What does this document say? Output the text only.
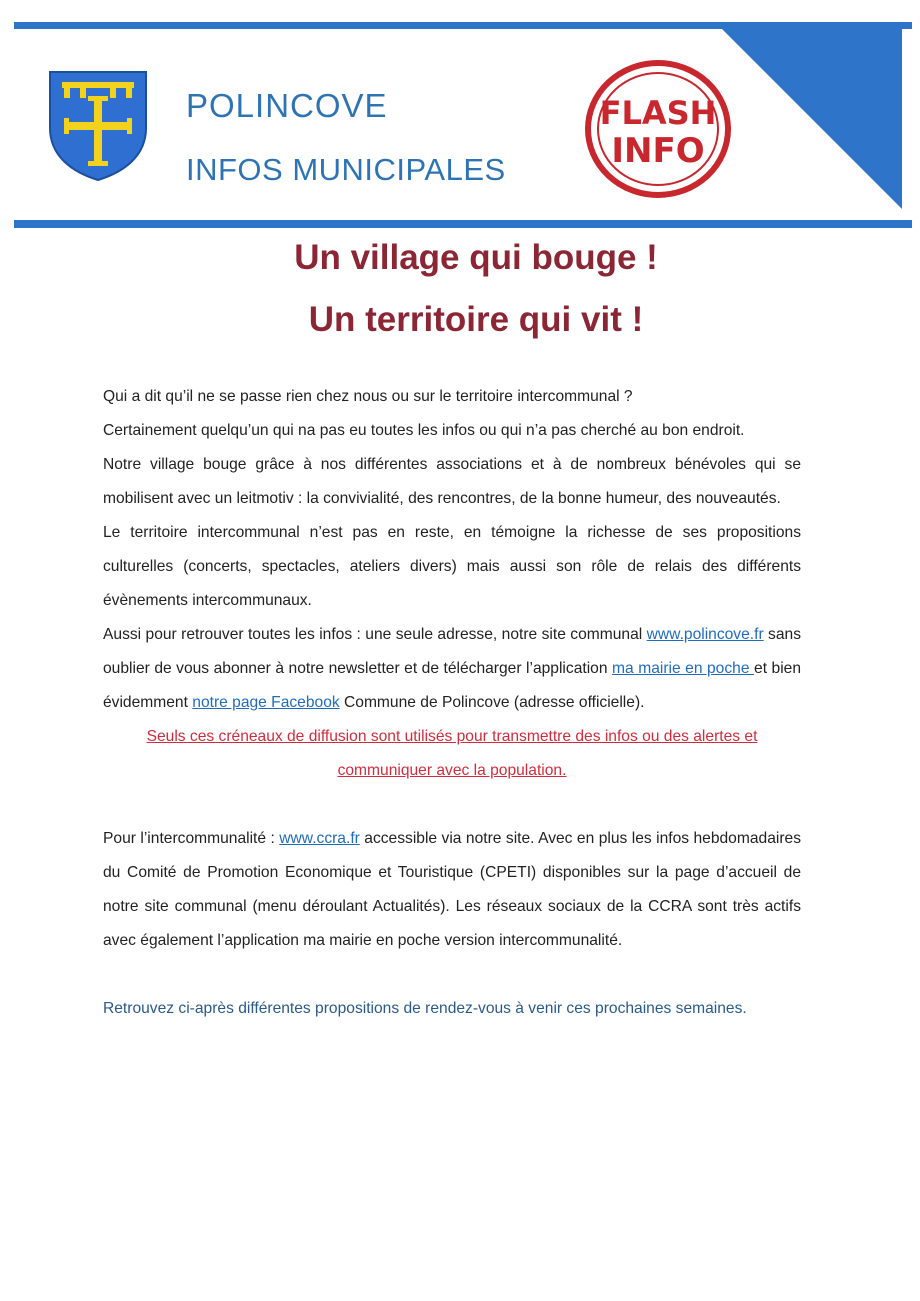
POLINCOVE
INFOS MUNICIPALES
FLASH
INFO
Un village qui bouge !
Un territoire qui vit !

Qui a dit qu’il ne se passe rien chez nous ou sur le territoire intercommunal ?

Certainement quelqu’un qui na pas eu toutes les infos ou qui n’a pas cherché au bon endroit.

Notre village bouge grâce à nos différentes associations et à de nombreux bénévoles qui se mobilisent avec un leitmotiv : la convivialité, des rencontres, de la bonne humeur, des nouveautés.

Le territoire intercommunal n’est pas en reste, en témoigne la richesse de ses propositions culturelles (concerts, spectacles, ateliers divers) mais aussi son rôle de relais des différents évènements intercommunaux.

Aussi pour retrouver toutes les infos : une seule adresse, notre site communal www.polincove.fr sans oublier de vous abonner à notre newsletter et de télécharger l’application ma mairie en poche et bien évidemment notre page Facebook Commune de Polincove (adresse officielle).

Seuls ces créneaux de diffusion sont utilisés pour transmettre des infos ou des alertes et communiquer avec la population.

Pour l’intercommunalité : www.ccra.fr accessible via notre site. Avec en plus les infos hebdomadaires du Comité de Promotion Economique et Touristique (CPETI) disponibles sur la page d’accueil de notre site communal (menu déroulant Actualités). Les réseaux sociaux de la CCRA sont très actifs avec également l’application ma mairie en poche version intercommunalité.

Retrouvez ci-après différentes propositions de rendez-vous à venir ces prochaines semaines.
